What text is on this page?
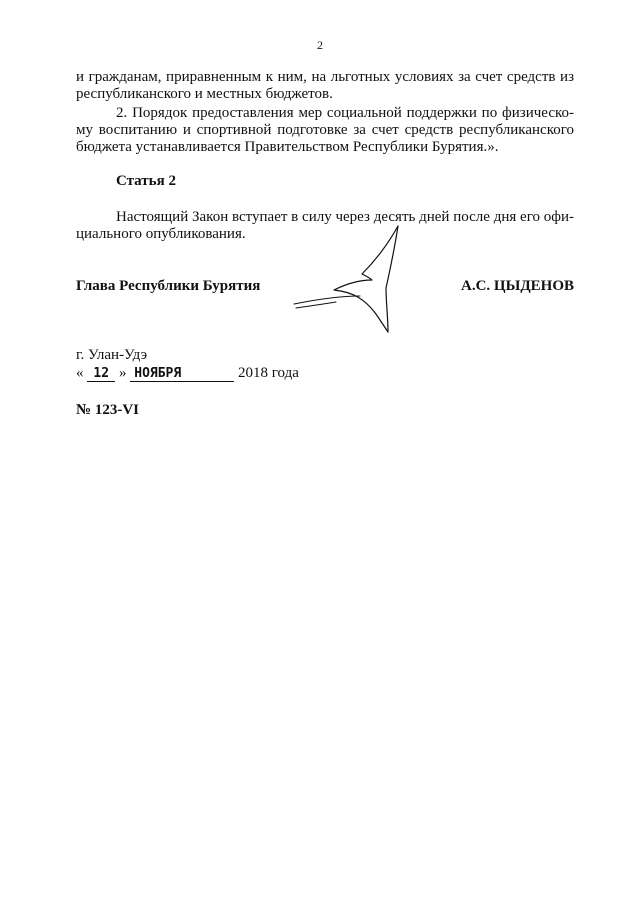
2
и гражданам, приравненным к ним, на льготных условиях за счет средств из
республиканского и местных бюджетов.
2. Порядок предоставления мер социальной поддержки по физическо-
му воспитанию и спортивной подготовке за счет средств республиканского
бюджета устанавливается Правительством Республики Бурятия.».
Статья 2
Настоящий Закон вступает в силу через десять дней после дня его офи-
циального опубликования.
Глава Республики Бурятия	А.С. ЦЫДЕНОВ
г. Улан-Удэ
« 12 » НОЯБРЯ	2018 года
№ 123-VI
